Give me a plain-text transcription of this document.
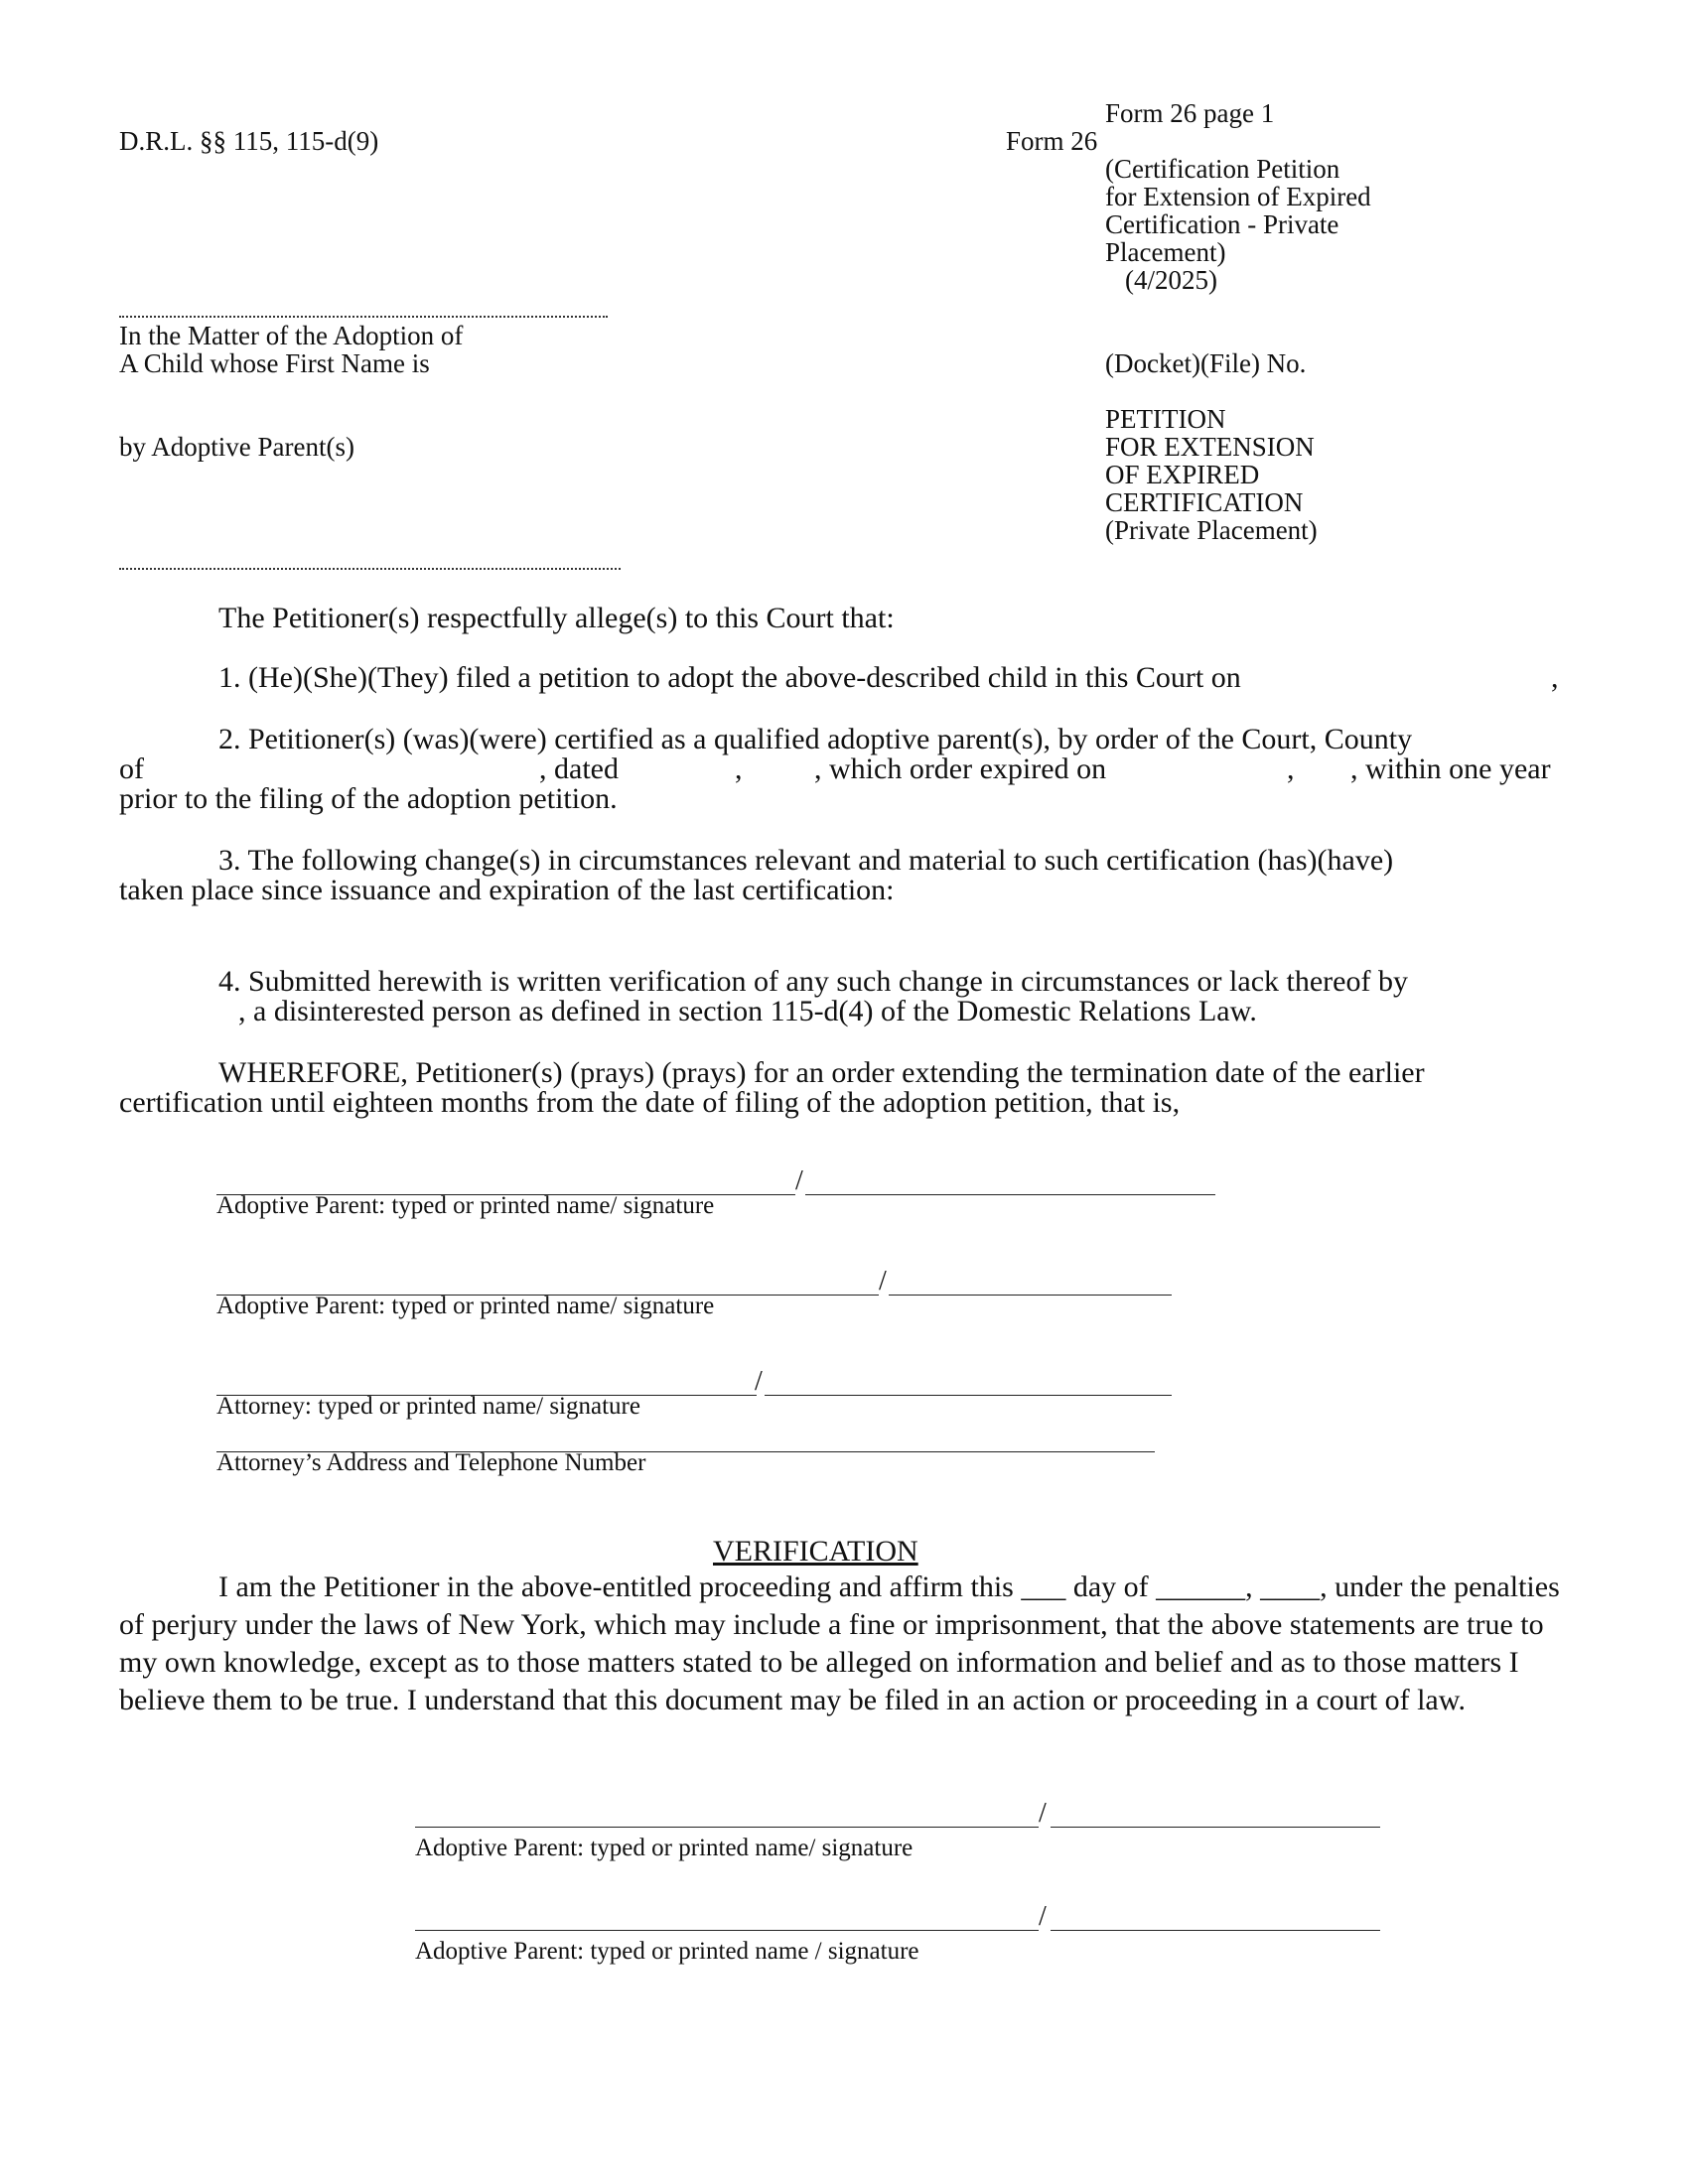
D.R.L. §§ 115, 115-d(9)	Form 26
Form 26 page 1
(Certification Petition
for Extension of Expired
Certification - Private
Placement)
(4/2025)
In the Matter of the Adoption of
A Child whose First Name is	(Docket)(File) No.
by Adoptive Parent(s)
PETITION
FOR EXTENSION
OF EXPIRED
CERTIFICATION
(Private Placement)
The Petitioner(s) respectfully allege(s) to this Court that:
1. (He)(She)(They) filed a petition to adopt the above-described child in this Court on	,
2. Petitioner(s) (was)(were) certified as a qualified adoptive parent(s), by order of the Court, County
of	, dated	, , which order expired on	, , within one year
prior to the filing of the adoption petition.
3. The following change(s) in circumstances relevant and material to such certification (has)(have)
taken place since issuance and expiration of the last certification:
4. Submitted herewith is written verification of any such change in circumstances or lack thereof by
, a disinterested person as defined in section 115-d(4) of the Domestic Relations Law.
WHEREFORE, Petitioner(s) (prays) (prays) for an order extending the termination date of the earlier
certification until eighteen months from the date of filing of the adoption petition, that is,
/
Adoptive Parent: typed or printed name/ signature
/
Adoptive Parent: typed or printed name/ signature
/
Attorney: typed or printed name/ signature
Attorney’s Address and Telephone Number
VERIFICATION

I am the Petitioner in the above-entitled proceeding and affirm this ___ day of ______, ____, under the penalties of perjury under the laws of New York, which may include a fine or imprisonment, that the above statements are true to my own knowledge, except as to those matters stated to be alleged on information and belief and as to those matters I believe them to be true. I understand that this document may be filed in an action or proceeding in a court of law.

/
Adoptive Parent: typed or printed name/ signature
/
Adoptive Parent: typed or printed name / signature
